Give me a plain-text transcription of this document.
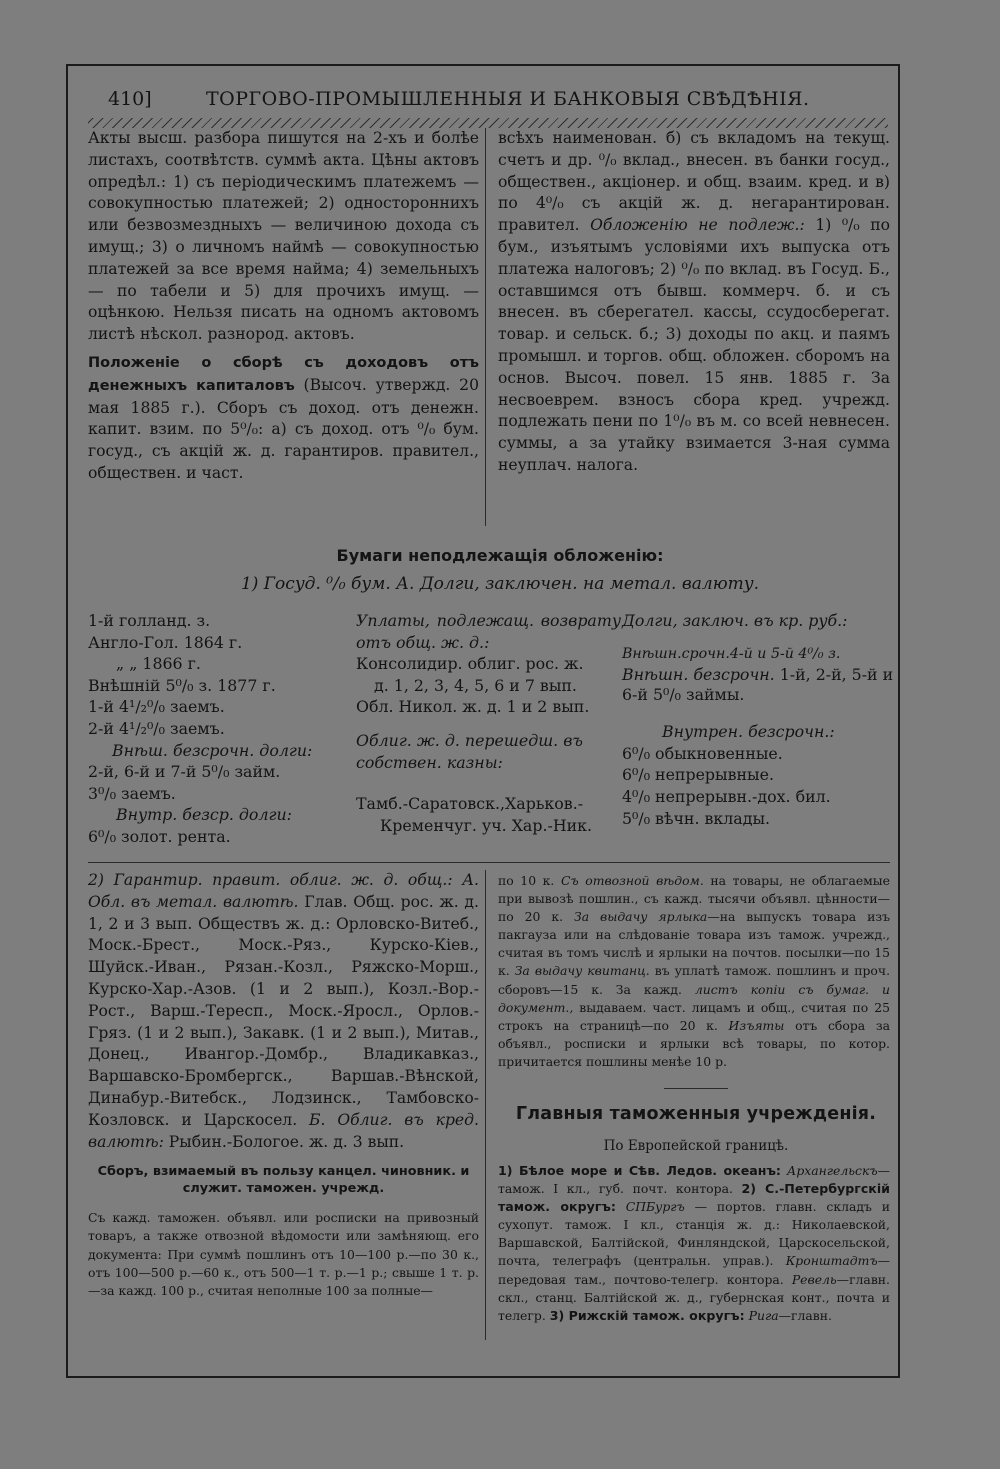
410]	ТОРГОВО-ПРОМЫШЛЕННЫЯ И БАНКОВЫЯ СВѢДѢНІЯ.

Акты высш. разбора пишутся на 2-хъ и болѣе листахъ, соотвѣтств. суммѣ акта. Цѣны актовъ опредѣл.: 1) съ періодическимъ платежемъ — совокупностью платежей; 2) односторонниxъ или безвозмездныхъ — величиною дохода съ имущ.; 3) о личномъ наймѣ — совокупностью платежей за все время найма; 4) земельныхъ — по табели и 5) для прочихъ имущ. — оцѣнкою. Нельзя писать на одномъ актовомъ листѣ нѣскол. разнород. актовъ.

Положеніе о сборѣ съ доходовъ отъ денежныхъ капиталовъ (Высоч. утвержд. 20 мая 1885 г.). Сборъ съ доход. отъ денежн. капит. взим. по 5⁰/₀: а) съ доход. отъ ⁰/₀ бум. госуд., съ акцій ж. д. гарантиров. правител., обществен. и част.

всѣхъ наименован. б) съ вкладомъ на текущ. счетъ и др. ⁰/₀ вклад., внесен. въ банки госуд., обществен., акціонер. и общ. взаим. кред. и в) по 4⁰/₀ съ акцій ж. д. негарантирован. правител. Обложенію не подлеж.: 1) ⁰/₀ по бум., изъятымъ условіями ихъ выпуска отъ платежа налоговъ; 2) ⁰/₀ по вклад. въ Госуд. Б., оставшимся отъ бывш. коммерч. б. и съ внесен. въ сберегател. кассы, ссудосберегат. товар. и сельск. б.; 3) доходы по акц. и паямъ промышл. и торгов. общ. обложен. сборомъ на основ. Высоч. повел. 15 янв. 1885 г. За несвоеврем. взносъ сбора кред. учрежд. подлежать пени по 1⁰/₀ въ м. со всей невнесен. суммы, а за утайку взимается 3-ная сумма неуплач. налога.

Бумаги неподлежащія обложенію:
1) Госуд. ⁰/₀ бум. А. Долги, заключен. на метал. валюту.
1-й голланд. з.
Англо-Гол. 1864 г.
„ „ 1866 г.
Внѣшній 5⁰/₀ з. 1877 г.
1-й 4¹/₂⁰/₀ заемъ.
2-й 4¹/₂⁰/₀ заемъ.
Внѣш. безсрочн. долги:
2-й, 6-й и 7-й 5⁰/₀ займ.
3⁰/₀ заемъ.
Внутр. безср. долги:
6⁰/₀ золот. рента.
Уплаты, подлежащ. возврату отъ общ. ж. д.:
Консолидир. облиг. рос. ж.
д. 1, 2, 3, 4, 5, 6 и 7 вып.
Обл. Никол. ж. д. 1 и 2 вып.
Облиг. ж. д. перешедш. въ собствен. казны:
Тамб.-Саратовск.,Харьков.-
Кременчуг. уч. Хар.-Ник.
Долги, заключ. въ кр. руб.:
Внѣшн.срочн.4-й и 5-й 4⁰/₀ з.
Внѣшн. безсрочн. 1-й, 2-й, 5-й и 6-й 5⁰/₀ займы.
Внутрен. безсрочн.:
6⁰/₀ обыкновенные.
6⁰/₀ непрерывные.
4⁰/₀ непрерывн.-дох. бил.
5⁰/₀ вѣчн. вклады.

2) Гарантир. правит. облиг. ж. д. общ.: А. Обл. въ метал. валютѣ. Глав. Общ. рос. ж. д. 1, 2 и 3 вып. Обществъ ж. д.: Орловско-Витеб., Моск.-Брест., Моск.-Ряз., Курско-Кіев., Шуйск.-Иван., Рязан.-Козл., Ряжско-Морш., Курско-Хар.-Азов. (1 и 2 вып.), Козл.-Вор.-Рост., Варш.-Тересп., Моск.-Яросл., Орлов.-Гряз. (1 и 2 вып.), Закавк. (1 и 2 вып.), Митав., Донец., Ивангор.-Домбр., Владикавказ., Варшавско-Бромбергск., Варшав.-Вѣнской, Динабур.-Витебск., Лодзинск., Тамбовско-Козловск. и Царскосел. Б. Облиг. въ кред. валютѣ: Рыбин.-Бологое. ж. д. 3 вып.

Сборъ, взимаемый въ пользу канцел. чиновник. и служит. таможен. учрежд.

Съ кажд. таможен. объявл. или росписки на привозный товаръ, а также отвозной вѣдомости или замѣняющ. его документа: При суммѣ пошлинъ отъ 10—100 р.—по 30 к., отъ 100—500 р.—60 к., отъ 500—1 т. р.—1 р.; свыше 1 т. р.—за кажд. 100 р., считая неполные 100 за полные—

по 10 к. Съ отвозной вѣдом. на товары, не облагаемые при вывозѣ пошлин., съ кажд. тысячи объявл. цѣнности—по 20 к. За выдачу ярлыка—на выпускъ товара изъ пакгауза или на слѣдованіе товара изъ тамож. учрежд., считая въ томъ числѣ и ярлыки на почтов. посылки—по 15 к. За выдачу квитанц. въ уплатѣ тамож. пошлинъ и проч. сборовъ—15 к. За кажд. листъ копіи съ бумаг. и документ., выдаваем. част. лицамъ и общ., считая по 25 строкъ на страницѣ—по 20 к. Изъяты отъ сбора за объявл., росписки и ярлыки всѣ товары, по котор. причитается пошлины менѣе 10 р.

Главныя таможенныя учрежденія.
По Европейской границѣ.

1) Бѣлое море и Сѣв. Ледов. океанъ: Архангельскъ—тамож. I кл., губ. почт. контора. 2) С.-Петербургскій тамож. округъ: СПБургъ — портов. главн. складъ и сухопут. тамож. I кл., станція ж. д.: Николаевской, Варшавской, Балтійской, Финляндской, Царскосельской, почта, телеграфъ (центральн. управ.). Кронштадтъ—передовая там., почтово-телегр. контора. Ревель—главн. скл., станц. Балтійской ж. д., губернская конт., почта и телегр. 3) Рижскій тамож. округъ: Рига—главн.
